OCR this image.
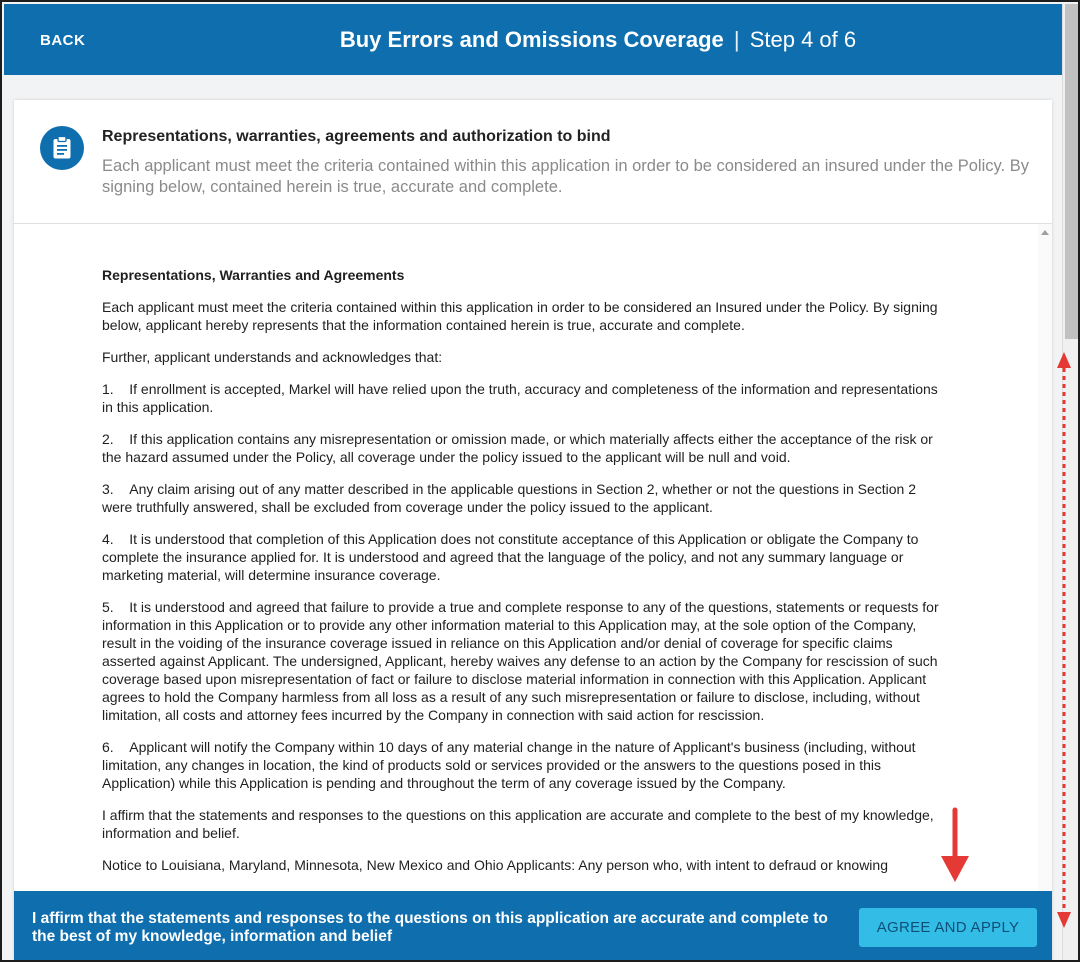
BACK	Buy Errors and Omissions Coverage | Step 4 of 6
Representations, warranties, agreements and authorization to bind
Each applicant must meet the criteria contained within this application in order to be considered an insured under the Policy. By signing below, contained herein is true, accurate and complete.
Representations, Warranties and Agreements

Each applicant must meet the criteria contained within this application in order to be considered an Insured under the Policy. By signing below, applicant hereby represents that the information contained herein is true, accurate and complete.

Further, applicant understands and acknowledges that:

1.    If enrollment is accepted, Markel will have relied upon the truth, accuracy and completeness of the information and representations in this application.

2.    If this application contains any misrepresentation or omission made, or which materially affects either the acceptance of the risk or the hazard assumed under the Policy, all coverage under the policy issued to the applicant will be null and void.

3.    Any claim arising out of any matter described in the applicable questions in Section 2, whether or not the questions in Section 2 were truthfully answered, shall be excluded from coverage under the policy issued to the applicant.

4.    It is understood that completion of this Application does not constitute acceptance of this Application or obligate the Company to complete the insurance applied for. It is understood and agreed that the language of the policy, and not any summary language or marketing material, will determine insurance coverage.

5.    It is understood and agreed that failure to provide a true and complete response to any of the questions, statements or requests for information in this Application or to provide any other information material to this Application may, at the sole option of the Company, result in the voiding of the insurance coverage issued in reliance on this Application and/or denial of coverage for specific claims asserted against Applicant. The undersigned, Applicant, hereby waives any defense to an action by the Company for rescission of such coverage based upon misrepresentation of fact or failure to disclose material information in connection with this Application. Applicant agrees to hold the Company harmless from all loss as a result of any such misrepresentation or failure to disclose, including, without limitation, all costs and attorney fees incurred by the Company in connection with said action for rescission.

6.    Applicant will notify the Company within 10 days of any material change in the nature of Applicant's business (including, without limitation, any changes in location, the kind of products sold or services provided or the answers to the questions posed in this Application) while this Application is pending and throughout the term of any coverage issued by the Company.

I affirm that the statements and responses to the questions on this application are accurate and complete to the best of my knowledge, information and belief.

Notice to Louisiana, Maryland, Minnesota, New Mexico and Ohio Applicants: Any person who, with intent to defraud or knowing

I affirm that the statements and responses to the questions on this application are accurate and complete to the best of my knowledge, information and belief
AGREE AND APPLY
